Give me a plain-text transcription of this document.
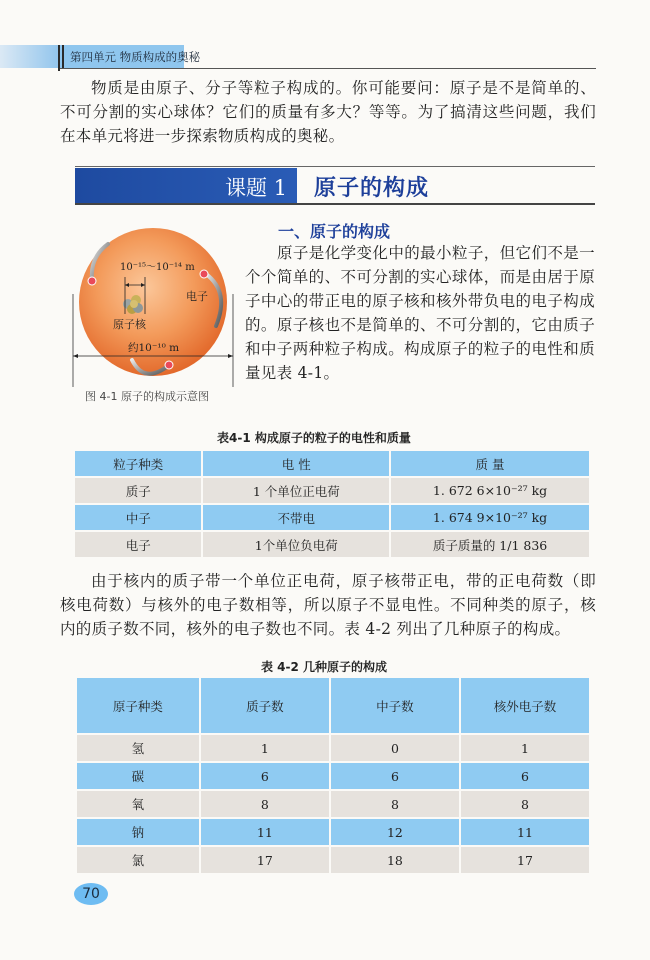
第四单元 物质构成的奥秘
物质是由原子、分子等粒子构成的。你可能要问：原子是不是简单的、不可分割的实心球体？它们的质量有多大？等等。为了搞清这些问题，我们在本单元将进一步探索物质构成的奥秘。
课题 1 原子的构成
10⁻¹⁵～10⁻¹⁴ m
原子核
电子
约10⁻¹⁰ m
图 4-1 原子的构成示意图
一、原子的构成
原子是化学变化中的最小粒子，但它们不是一个个简单的、不可分割的实心球体，而是由居于原子中心的带正电的原子核和核外带负电的电子构成的。原子核也不是简单的、不可分割的，它由质子和中子两种粒子构成。构成原子的粒子的电性和质量见表 4-1。
表4-1 构成原子的粒子的电性和质量
粒子种类	电 性	质 量
质子	1 个单位正电荷	1. 672 6×10⁻²⁷ kg
中子	不带电	1. 674 9×10⁻²⁷ kg
电子	1个单位负电荷	质子质量的 1/1 836
由于核内的质子带一个单位正电荷，原子核带正电，带的正电荷数（即核电荷数）与核外的电子数相等，所以原子不显电性。不同种类的原子，核内的质子数不同，核外的电子数也不同。表 4-2 列出了几种原子的构成。
表 4-2 几种原子的构成
原子种类	质子数	中子数	核外电子数
氢	1	0	1
碳	6	6	6
氧	8	8	8
钠	11	12	11
氯	17	18	17
70
